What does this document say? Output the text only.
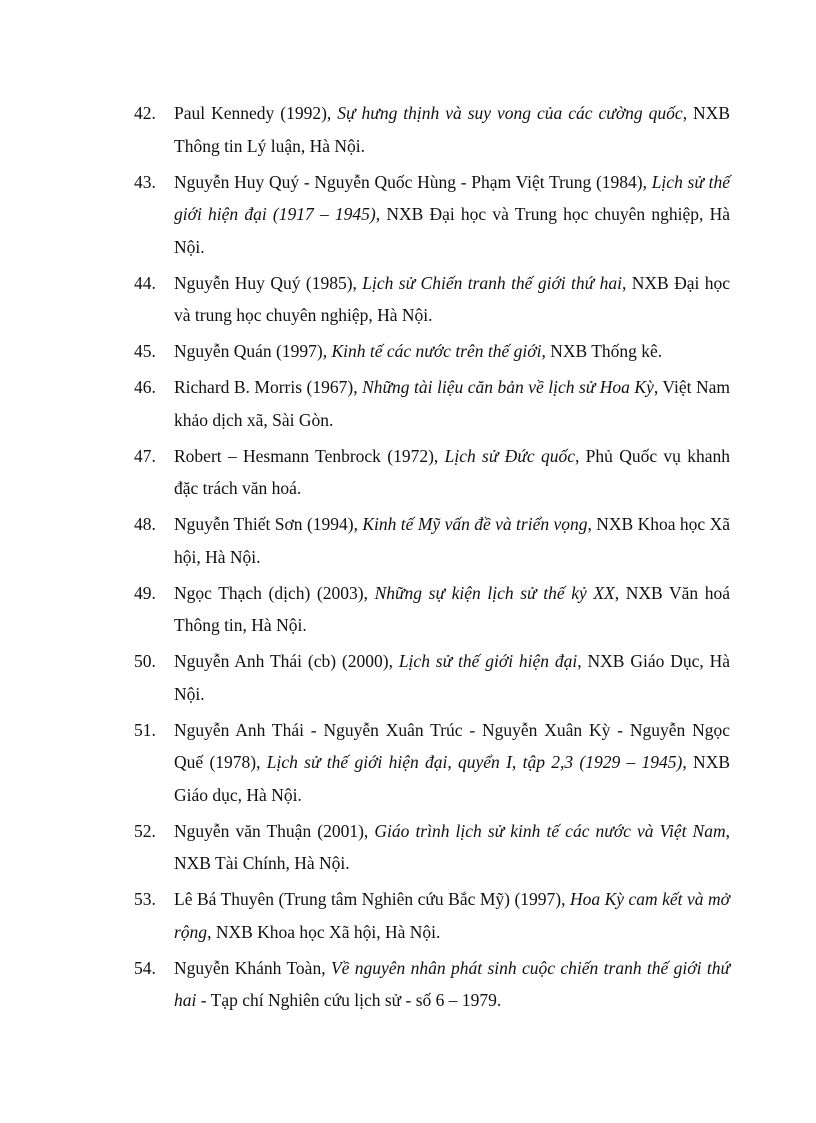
42. Paul Kennedy (1992), Sự hưng thịnh và suy vong của các cường quốc, NXB Thông tin Lý luận, Hà Nội.
43. Nguyễn Huy Quý - Nguyễn Quốc Hùng - Phạm Việt Trung (1984), Lịch sử thế giới hiện đại (1917 – 1945), NXB Đại học và Trung học chuyên nghiệp, Hà Nội.
44. Nguyễn Huy Quý (1985), Lịch sử Chiến tranh thế giới thứ hai, NXB Đại học và trung học chuyên nghiệp, Hà Nội.
45. Nguyễn Quán (1997), Kinh tế các nước trên thế giới, NXB Thống kê.
46. Richard B. Morris (1967), Những tài liệu căn bản về lịch sử Hoa Kỳ, Việt Nam khảo dịch xã, Sài Gòn.
47. Robert – Hesmann Tenbrock (1972), Lịch sử Đức quốc, Phủ Quốc vụ khanh đặc trách văn hoá.
48. Nguyễn Thiết Sơn (1994), Kinh tế Mỹ vấn đề và triển vọng, NXB Khoa học Xã hội, Hà Nội.
49. Ngọc Thạch (dịch) (2003), Những sự kiện lịch sử thế kỷ XX, NXB Văn hoá Thông tin, Hà Nội.
50. Nguyễn Anh Thái (cb) (2000), Lịch sử thế giới hiện đại, NXB Giáo Dục, Hà Nội.
51. Nguyễn Anh Thái - Nguyễn Xuân Trúc - Nguyễn Xuân Kỳ - Nguyễn Ngọc Quế (1978), Lịch sử thế giới hiện đại, quyển I, tập 2,3 (1929 – 1945), NXB Giáo dục, Hà Nội.
52. Nguyễn văn Thuận (2001), Giáo trình lịch sử kinh tế các nước và Việt Nam, NXB Tài Chính, Hà Nội.
53. Lê Bá Thuyên (Trung tâm Nghiên cứu Bắc Mỹ) (1997), Hoa Kỳ cam kết và mở rộng, NXB Khoa học Xã hội, Hà Nội.
54. Nguyễn Khánh Toàn, Về nguyên nhân phát sinh cuộc chiến tranh thế giới thứ hai - Tạp chí Nghiên cứu lịch sử - số 6 – 1979.
